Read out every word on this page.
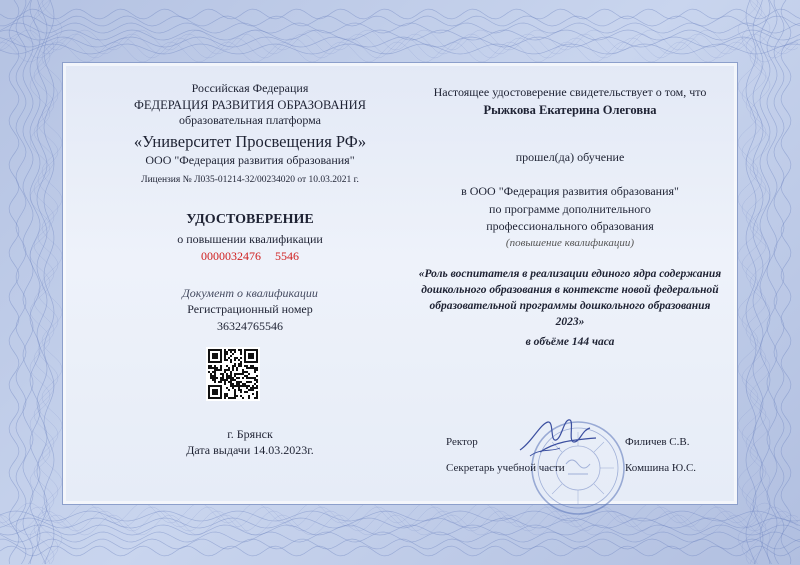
Российская Федерация
ФЕДЕРАЦИЯ РАЗВИТИЯ ОБРАЗОВАНИЯ
образовательная платформа
«Университет Просвещения РФ»
ООО "Федерация развития образования"
Лицензия № Л035-01214-32/00234020 от 10.03.2021 г.
УДОСТОВЕРЕНИЕ
о повышении квалификации
0000032476 5546
Документ о квалификации
Регистрационный номер
36324765546
г. Брянск
Дата выдачи 14.03.2023г.
Настоящее удостоверение свидетельствует о том, что
Рыжкова Екатерина Олеговна
прошел(да) обучение
в ООО "Федерация развития образования"
по программе дополнительного
профессионального образования
(повышение квалификации)
«Роль воспитателя в реализации единого ядра содержания
дошкольного образования в контексте новой федеральной
образовательной программы дошкольного образования
2023»
в объёме 144 часа
Ректор	Филичев С.В.
Секретарь учебной части	Комшина Ю.С.
